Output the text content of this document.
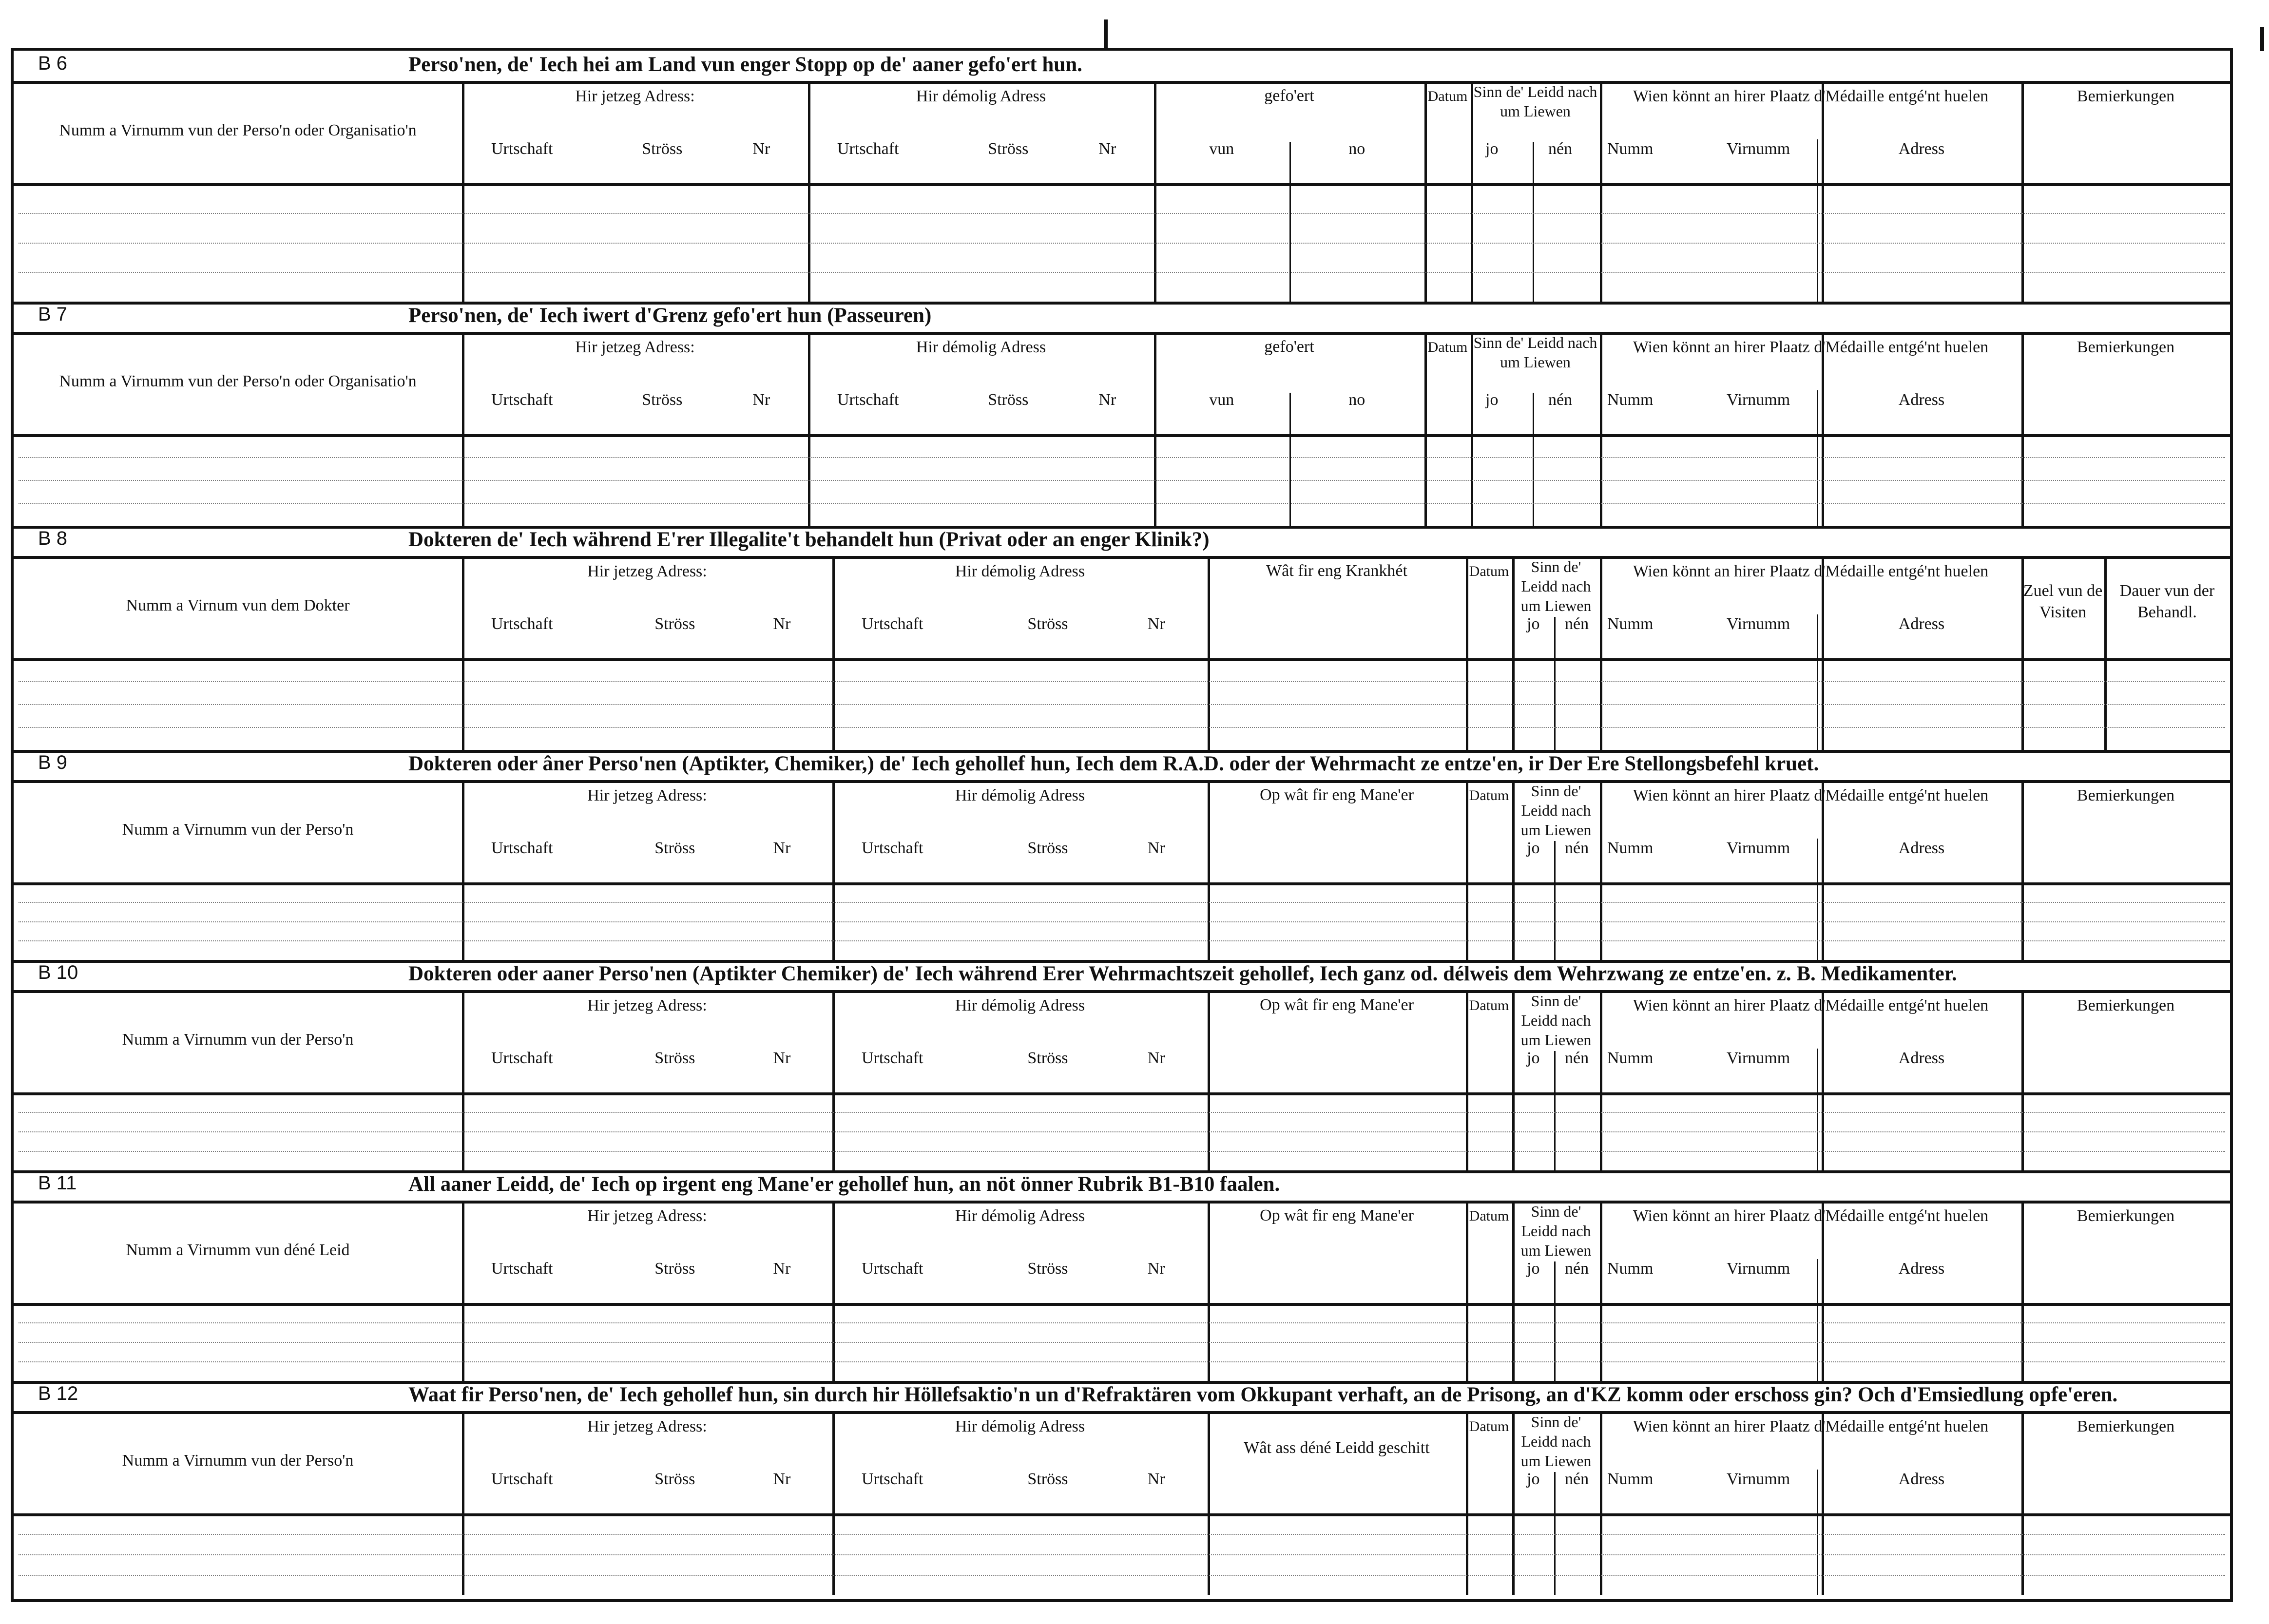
B 6	Perso'nen, de' Iech hei am Land vun enger Stopp op de' aaner gefo'ert hun.
Numm a Virnumm vun der Perso'n oder Organisatio'n
Hir jetzeg Adress:
Urtschaft	Ströss	Nr
Hir démolig Adress
Urtschaft	Ströss	Nr
gefo'ert
vun	no
Datum Sinn de' Leidd nach um Liewen
jo	nén
Wien könnt an hirer Plaatz d'Médaille entgé'nt huelen
Numm	Virnumm	Adress
Bemierkungen
B 7	Perso'nen, de' Iech iwert d'Grenz gefo'ert hun (Passeuren)
Numm a Virnumm vun der Perso'n oder Organisatio'n
Hir jetzeg Adress:
Urtschaft	Ströss	Nr
Hir démolig Adress
Urtschaft	Ströss	Nr
gefo'ert
vun	no
Datum Sinn de' Leidd nach um Liewen
jo	nén
Wien könnt an hirer Plaatz d'Médaille entgé'nt huelen
Numm	Virnumm	Adress
Bemierkungen
B 8	Dokteren de' Iech während E'rer Illegalite't behandelt hun (Privat oder an enger Klinik?)
Numm a Virnum vun dem Dokter
Hir jetzeg Adress:
Urtschaft	Ströss	Nr
Hir démolig Adress
Urtschaft	Ströss	Nr
Wât fir eng Krankhét	Datum	Sinn de' Leidd nach um Liewen
jo nén
Wien könnt an hirer Plaatz d'Médaille entgé'nt huelen
Numm	Virnumm	Adress
Zuel vun de Visiten
Dauer vun der Behandl.
B 9	Dokteren oder âner Perso'nen (Aptikter, Chemiker,) de' Iech gehollef hun, Iech dem R.A.D. oder der Wehrmacht ze entze'en, ir Der Ere Stellongsbefehl kruet.
Numm a Virnumm vun der Perso'n
Hir jetzeg Adress:
Urtschaft	Ströss	Nr
Hir démolig Adress
Urtschaft	Ströss	Nr
Op wât fir eng Mane'er	Datum	Sinn de' Leidd nach um Liewen
jo nén
Wien könnt an hirer Plaatz d'Médaille entgé'nt huelen
Numm	Virnumm	Adress
Bemierkungen
B 10	Dokteren oder aaner Perso'nen (Aptikter Chemiker) de' Iech während Erer Wehrmachtszeit gehollef, Iech ganz od. délweis dem Wehrzwang ze entze'en. z. B. Medikamenter.
Numm a Virnumm vun der Perso'n
Hir jetzeg Adress:
Urtschaft	Ströss	Nr
Hir démolig Adress
Urtschaft	Ströss	Nr
Op wât fir eng Mane'er	Datum	Sinn de' Leidd nach um Liewen
jo nén
Wien könnt an hirer Plaatz d'Médaille entgé'nt huelen
Numm	Virnumm	Adress
Bemierkungen
B 11	All aaner Leidd, de' Iech op irgent eng Mane'er gehollef hun, an nöt önner Rubrik B1-B10 faalen.
Numm a Virnumm vun déné Leid
Hir jetzeg Adress:
Urtschaft	Ströss	Nr
Hir démolig Adress
Urtschaft	Ströss	Nr
Op wât fir eng Mane'er	Datum	Sinn de' Leidd nach um Liewen
jo nén
Wien könnt an hirer Plaatz d'Médaille entgé'nt huelen
Numm	Virnumm	Adress
Bemierkungen
B 12	Waat fir Perso'nen, de' Iech gehollef hun, sin durch hir Höllefsaktio'n un d'Refraktären vom Okkupant verhaft, an de Prisong, an d'KZ komm oder erschoss gin? Och d'Emsiedlung opfe'eren.
Numm a Virnumm vun der Perso'n
Hir jetzeg Adress:
Urtschaft	Ströss	Nr
Hir démolig Adress
Urtschaft	Ströss	Nr
Wât ass déné Leidd geschitt
Datum	Sinn de' Leidd nach um Liewen
jo nén
Wien könnt an hirer Plaatz d'Médaille entgé'nt huelen
Numm	Virnumm	Adress
Bemierkungen
